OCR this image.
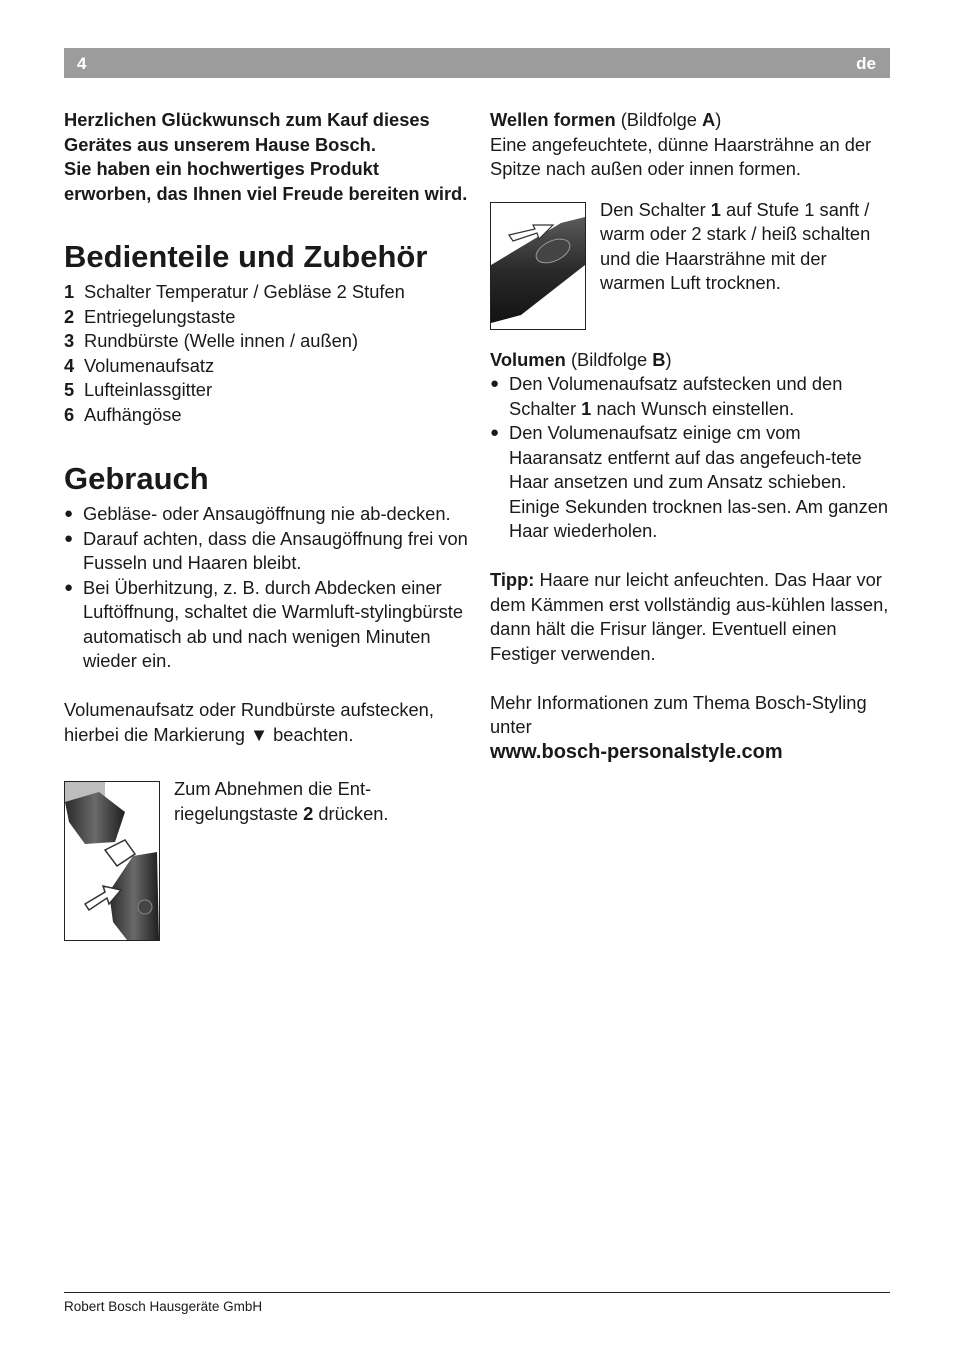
4	de

Herzlichen Glückwunsch zum Kauf dieses Gerätes aus unserem Hause Bosch.

Sie haben ein hochwertiges Produkt erworben, das Ihnen viel Freude bereiten wird.

Bedienteile und Zubehör
1 Schalter Temperatur / Gebläse 2 Stufen
2 Entriegelungstaste
3 Rundbürste (Welle innen / außen)
4 Volumenaufsatz
5 Lufteinlassgitter
6 Aufhängöse
Gebrauch
● Gebläse- oder Ansaugöffnung nie ab-decken.
● Darauf achten, dass die Ansaugöffnung frei von Fusseln und Haaren bleibt.
● Bei Überhitzung, z. B. durch Abdecken einer Luftöffnung, schaltet die Warmluft-stylingbürste automatisch ab und nach wenigen Minuten wieder ein.

Volumenaufsatz oder Rundbürste aufstecken, hierbei die Markierung ▼ beachten.

Zum Abnehmen die Ent-riegelungstaste 2 drücken.

Wellen formen (Bildfolge A)

Eine angefeuchtete, dünne Haarsträhne an der Spitze nach außen oder innen formen.

Den Schalter 1 auf Stufe 1 sanft / warm oder 2 stark / heiß schalten und die Haarsträhne mit der warmen Luft trocknen.

Volumen (Bildfolge B)

● Den Volumenaufsatz aufstecken und den Schalter 1 nach Wunsch einstellen.
● Den Volumenaufsatz einige cm vom Haaransatz entfernt auf das angefeuch-tete Haar ansetzen und zum Ansatz schieben. Einige Sekunden trocknen las-sen. Am ganzen Haar wiederholen.

Tipp: Haare nur leicht anfeuchten. Das Haar vor dem Kämmen erst vollständig aus-kühlen lassen, dann hält die Frisur länger. Eventuell einen Festiger verwenden.

Mehr Informationen zum Thema Bosch-Styling unter

www.bosch-personalstyle.com

Robert Bosch Hausgeräte GmbH
